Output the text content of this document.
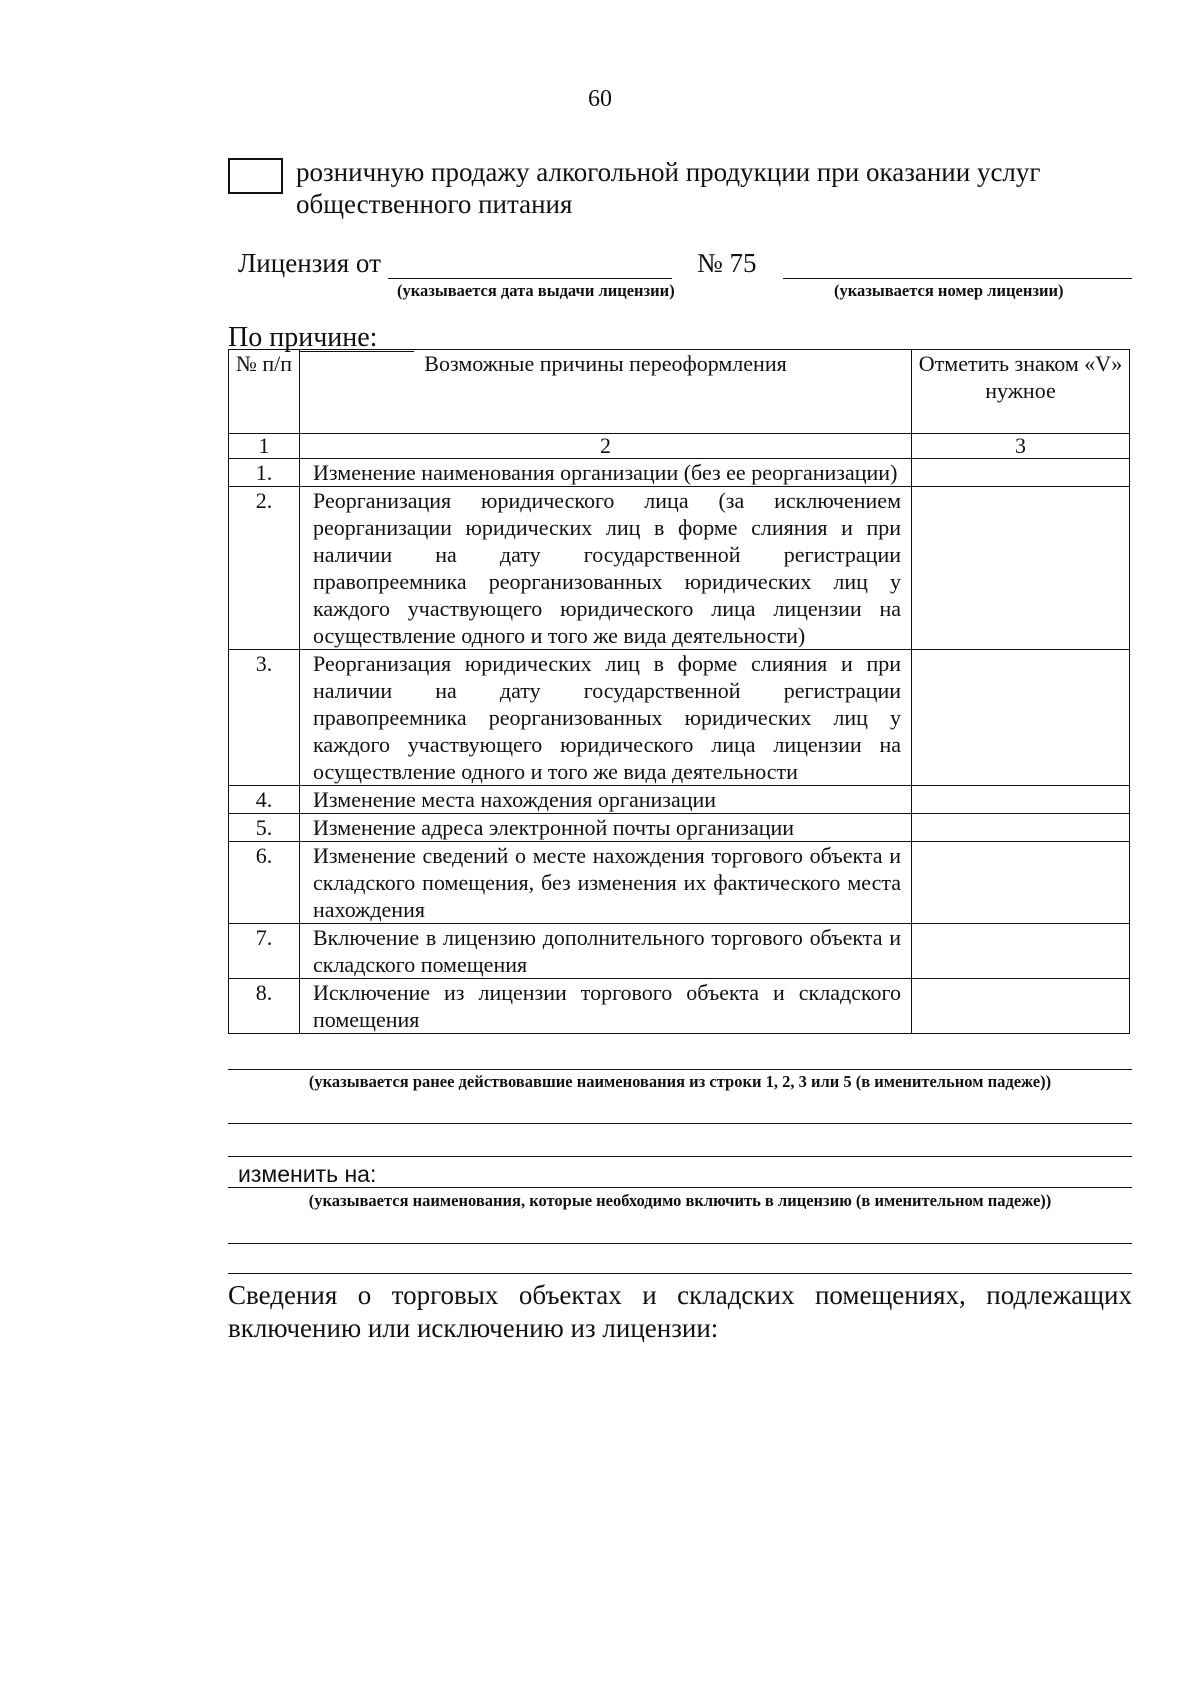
60
розничную продажу алкогольной продукции при оказании услуг общественного питания
Лицензия от	№ 75
(указывается дата выдачи лицензии)	(указывается номер лицензии)
По причине:
№ п/п	Возможные причины переоформления	Отметить знаком «V» нужное
1	2	3
1.	Изменение наименования организации (без ее реорганизации)	
2.	Реорганизация юридического лица (за исключением реорганизации юридических лиц в форме слияния и при наличии на дату государственной регистрации правопреемника реорганизованных юридических лиц у каждого участвующего юридического лица лицензии на осуществление одного и того же вида деятельности)	
3.	Реорганизация юридических лиц в форме слияния и при наличии на дату государственной регистрации правопреемника реорганизованных юридических лиц у каждого участвующего юридического лица лицензии на осуществление одного и того же вида деятельности	
4.	Изменение места нахождения организации	
5.	Изменение адреса электронной почты организации	
6.	Изменение сведений о месте нахождения торгового объекта и складского помещения, без изменения их фактического места нахождения	
7.	Включение в лицензию дополнительного торгового объекта и складского помещения	
8.	Исключение из лицензии торгового объекта и складского помещения	
(указывается ранее действовавшие наименования из строки 1, 2, 3 или 5 (в именительном падеже))
изменить на:
(указывается наименования, которые необходимо включить в лицензию (в именительном падеже))
Сведения о торговых объектах и складских помещениях, подлежащих включению или исключению из лицензии:
